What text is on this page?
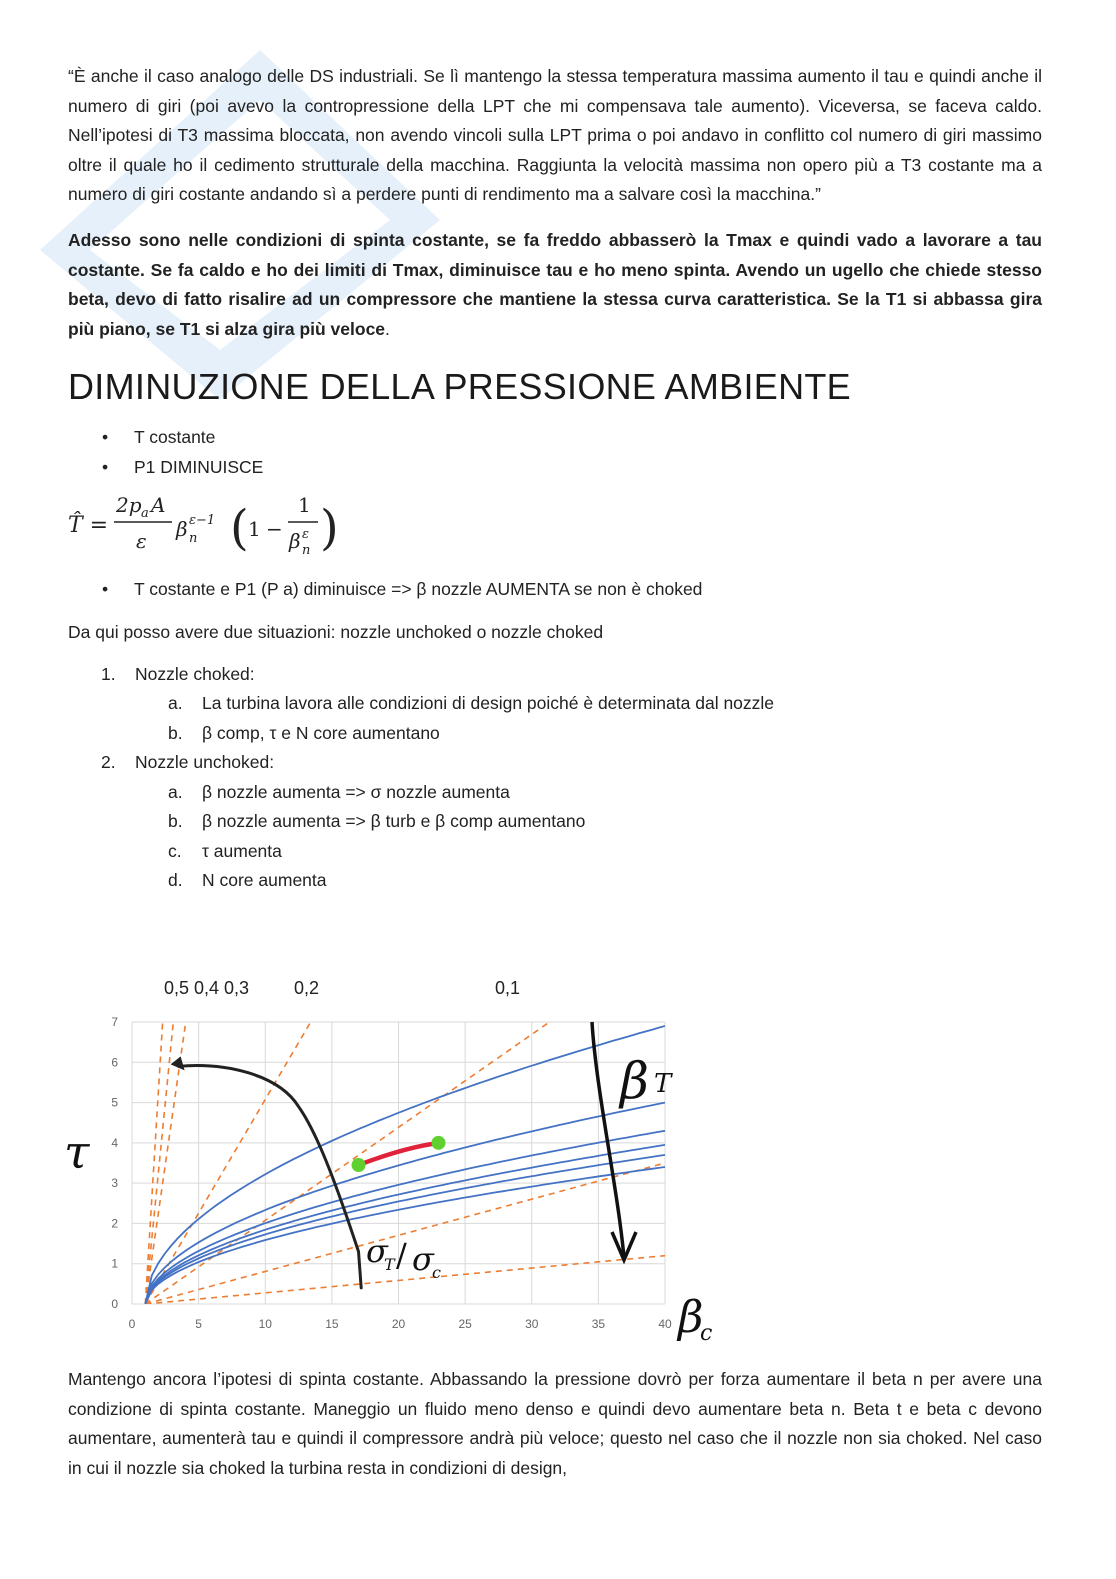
“È anche il caso analogo delle DS industriali. Se lì mantengo la stessa temperatura massima aumento il tau e quindi anche il numero di giri (poi avevo la contropressione della LPT che mi compensava tale aumento). Viceversa, se faceva caldo. Nell’ipotesi di T3 massima bloccata, non avendo vincoli sulla LPT prima o poi andavo in conflitto col numero di giri massimo oltre il quale ho il cedimento strutturale della macchina. Raggiunta la velocità massima non opero più a T3 costante ma a numero di giri costante andando sì a perdere punti di rendimento ma a salvare così la macchina.”

Adesso sono nelle condizioni di spinta costante, se fa freddo abbasserò la Tmax e quindi vado a lavorare a tau costante. Se fa caldo e ho dei limiti di Tmax, diminuisce tau e ho meno spinta. Avendo un ugello che chiede stesso beta, devo di fatto risalire ad un compressore che mantiene la stessa curva caratteristica. Se la T1 si abbassa gira più piano, se T1 si alza gira più veloce.

DIMINUZIONE DELLA PRESSIONE AMBIENTE
• T costante
• P1 DIMINUISCE
T̂ =
2p a A
ε β ε−1
n ( 1 −
1
β ε
n )
• T costante e P1 (P a) diminuisce => β nozzle AUMENTA se non è choked

Da qui posso avere due situazioni: nozzle unchoked o nozzle choked

1. Nozzle choked:
a. La turbina lavora alle condizioni di design poiché è determinata dal nozzle
b. β comp, τ e N core aumentano
2. Nozzle unchoked:
a. β nozzle aumenta => σ nozzle aumenta
b. β nozzle aumenta => β turb e β comp aumentano
c. τ aumenta
d. N core aumenta
0,5 0,4 0,3 0,2	0,1
0	5	10	15	20	25	30	35	40
0
1
2
3
4
5
6
7
τ
β
c
β T
σ
T / σ
c

Mantengo ancora l’ipotesi di spinta costante. Abbassando la pressione dovrò per forza aumentare il beta n per avere una condizione di spinta costante. Maneggio un fluido meno denso e quindi devo aumentare beta n. Beta t e beta c devono aumentare, aumenterà tau e quindi il compressore andrà più veloce; questo nel caso che il nozzle non sia choked. Nel caso in cui il nozzle sia choked la turbina resta in condizioni di design,
